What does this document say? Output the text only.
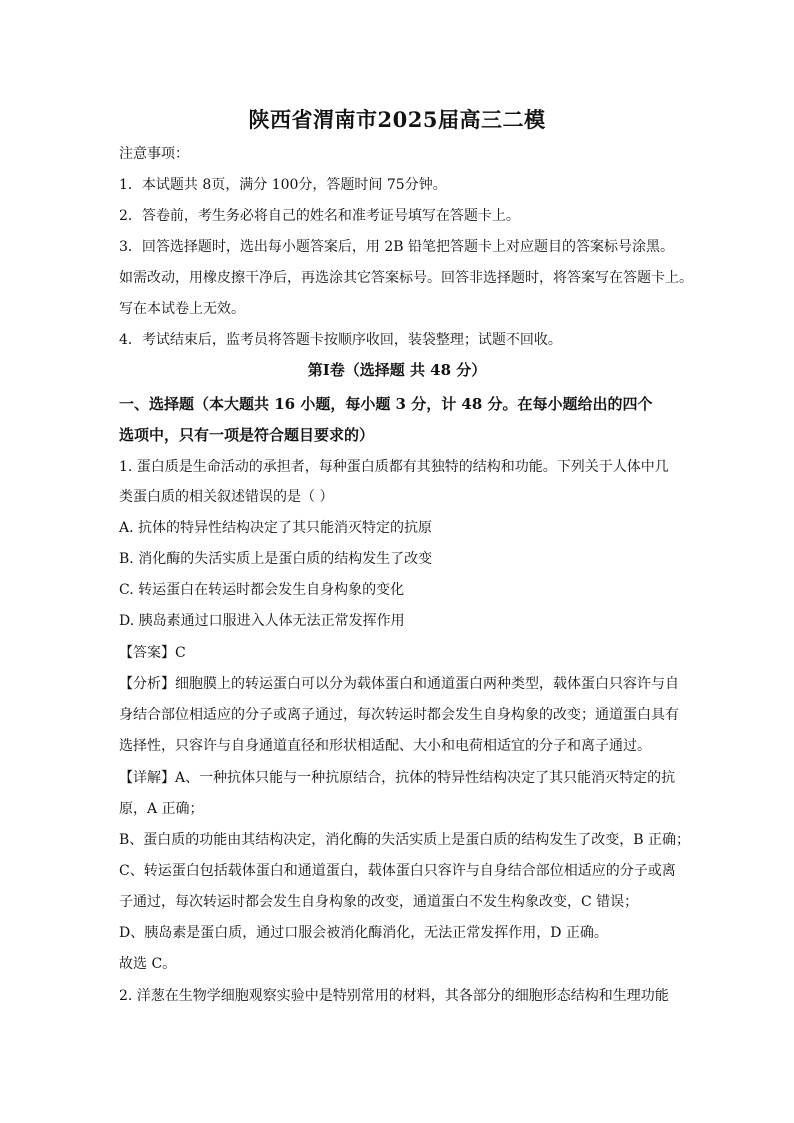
陕西省渭南市2025届高三二模
注意事项：
1．本试题共 8页，满分 100分，答题时间 75分钟。
2．答卷前，考生务必将自己的姓名和准考证号填写在答题卡上。
3．回答选择题时，选出每小题答案后，用 2B 铅笔把答题卡上对应题目的答案标号涂黑。
如需改动，用橡皮擦干净后，再选涂其它答案标号。回答非选择题时，将答案写在答题卡上。
写在本试卷上无效。
4．考试结束后，监考员将答题卡按顺序收回，装袋整理；试题不回收。
第Ⅰ卷（选择题 共 48 分）
一、选择题（本大题共 16 小题，每小题 3 分，计 48 分。在每小题给出的四个
选项中，只有一项是符合题目要求的）
1. 蛋白质是生命活动的承担者，每种蛋白质都有其独特的结构和功能。下列关于人体中几
类蛋白质的相关叙述错误的是（ ）
A. 抗体的特异性结构决定了其只能消灭特定的抗原
B. 消化酶的失活实质上是蛋白质的结构发生了改变
C. 转运蛋白在转运时都会发生自身构象的变化
D. 胰岛素通过口服进入人体无法正常发挥作用
【答案】C
【分析】细胞膜上的转运蛋白可以分为载体蛋白和通道蛋白两种类型，载体蛋白只容许与自
身结合部位相适应的分子或离子通过，每次转运时都会发生自身构象的改变；通道蛋白具有
选择性，只容许与自身通道直径和形状相适配、大小和电荷相适宜的分子和离子通过。
【详解】A、一种抗体只能与一种抗原结合，抗体的特异性结构决定了其只能消灭特定的抗
原，A 正确；
B、蛋白质的功能由其结构决定，消化酶的失活实质上是蛋白质的结构发生了改变，B 正确；
C、转运蛋白包括载体蛋白和通道蛋白，载体蛋白只容许与自身结合部位相适应的分子或离
子通过，每次转运时都会发生自身构象的改变，通道蛋白不发生构象改变，C 错误；
D、胰岛素是蛋白质，通过口服会被消化酶消化，无法正常发挥作用，D 正确。
故选 C。
2. 洋葱在生物学细胞观察实验中是特别常用的材料，其各部分的细胞形态结构和生理功能
